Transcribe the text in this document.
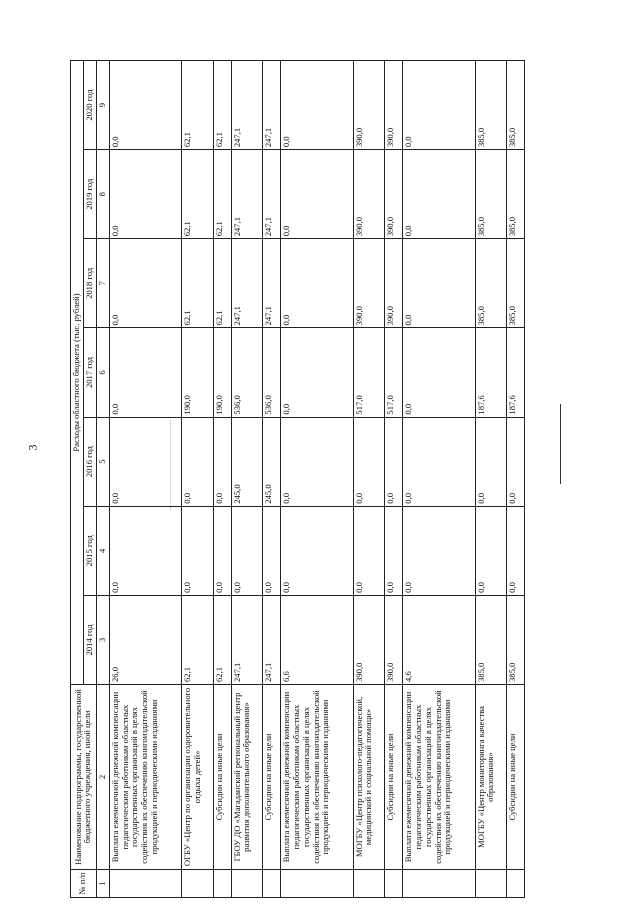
3
№ п/п	Наименование подпрограммы, государственной бюджетного учреждения, иной цели	Расходы областного бюджета (тыс. рублей)						
		2014 год	2015 год	2016 год	2017 год	2018 год	2019 год	2020 год
1	2	3	4	5	6	7	8	9
	Выплата ежемесячной денежной компенсации педагогическим работникам областных государственных организаций в целях содействия их обеспечению книгоиздательской продукцией и периодическими изданиями	26,0	0,0	0,0	0,0	0,0	0,0	0,0
	ОГБУ «Центр по организации оздоровительного отдыха детей»	62,1	0,0	0,0	190,0	62,1	62,1	62,1
	Субсидии на иные цели	62,1	0,0	0,0	190,0	62,1	62,1	62,1
	ГБОУ ДО «Магаданский региональный центр развития дополнительного образования»	247,1	0,0	245,0	536,0	247,1	247,1	247,1
	Субсидии на иные цели	247,1	0,0	245,0	536,0	247,1	247,1	247,1
	Выплата ежемесячной денежной компенсации педагогическим работникам областных государственных организаций в целях содействия их обеспечению книгоиздательской продукцией и периодическими изданиями	6,6	0,0	0,0	0,0	0,0	0,0	0,0
	МОГБУ «Центр психолого-педагогической, медицинской и социальной помощи»	390,0	0,0	0,0	517,0	390,0	390,0	390,0
	Субсидии на иные цели	390,0	0,0	0,0	517,0	390,0	390,0	390,0
	Выплата ежемесячной денежной компенсации педагогическим работникам областных государственных организаций в целях содействия их обеспечению книгоиздательской продукцией и периодическими изданиями	4,6	0,0	0,0	0,0	0,0	0,0	0,0
	МОГБУ «Центр мониторинга качества образования»	385,0	0,0	0,0	187,6	385,0	385,0	385,0
	Субсидии на иные цели	385,0	0,0	0,0	187,6	385,0	385,0	385,0
